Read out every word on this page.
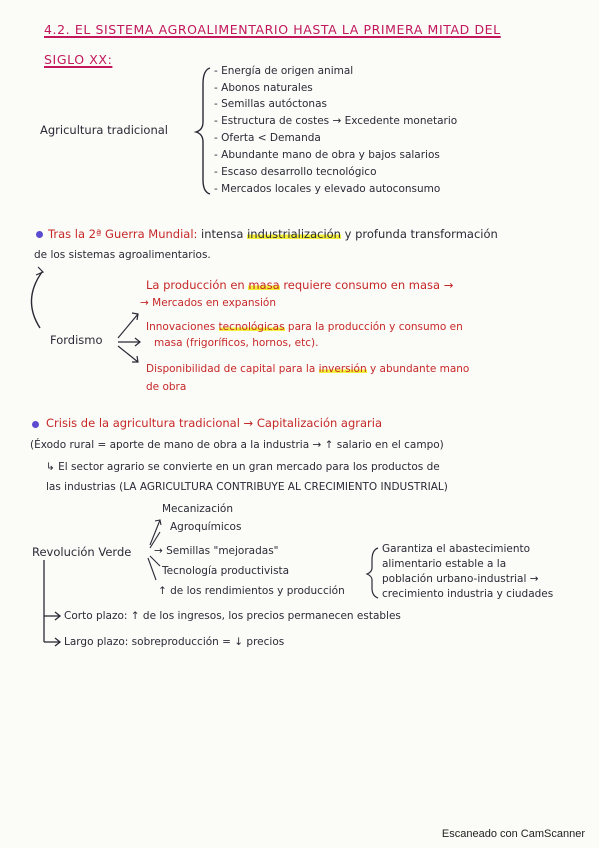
4.2. EL SISTEMA AGROALIMENTARIO HASTA LA PRIMERA MITAD DEL
SIGLO XX:
Agricultura tradicional
- Energía de origen animal
- Abonos naturales
- Semillas autóctonas
- Estructura de costes → Excedente monetario
- Oferta < Demanda
- Abundante mano de obra y bajos salarios
- Escaso desarrollo tecnológico
- Mercados locales y elevado autoconsumo
Tras la 2ª Guerra Mundial: intensa industrialización y profunda transformación
de los sistemas agroalimentarios.
Fordismo
La producción en masa requiere consumo en masa →
→ Mercados en expansión
Innovaciones tecnológicas para la producción y consumo en
masa (frigoríficos, hornos, etc).
Disponibilidad de capital para la inversión y abundante mano
de obra
Crisis de la agricultura tradicional → Capitalización agraria
(Éxodo rural = aporte de mano de obra a la industria → ↑ salario en el campo)
↳ El sector agrario se convierte en un gran mercado para los productos de
las industrias (LA AGRICULTURA CONTRIBUYE AL CRECIMIENTO INDUSTRIAL)
Revolución Verde
Mecanización
Agroquímicos
→ Semillas "mejoradas"
Tecnología productivista
↑ de los rendimientos y producción
Garantiza el abastecimiento
alimentario estable a la
población urbano-industrial →
crecimiento industria y ciudades
Corto plazo: ↑ de los ingresos, los precios permanecen estables
Largo plazo: sobreproducción = ↓ precios
Escaneado con CamScanner
